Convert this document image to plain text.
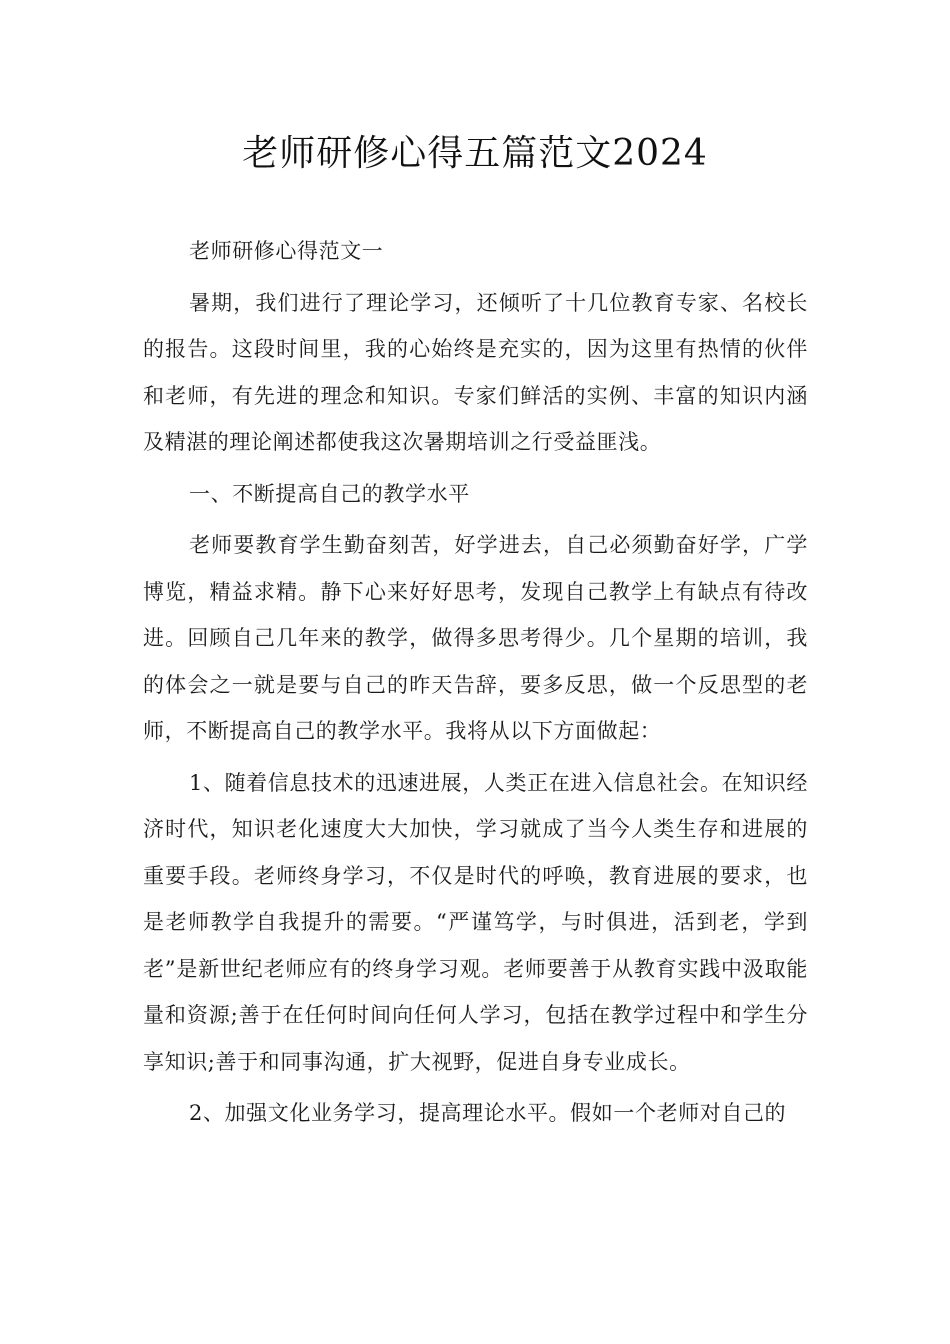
老师研修心得五篇范文2024

老师研修心得范文一

暑期，我们进行了理论学习，还倾听了十几位教育专家、名校长的报告。这段时间里，我的心始终是充实的，因为这里有热情的伙伴和老师，有先进的理念和知识。专家们鲜活的实例、丰富的知识内涵及精湛的理论阐述都使我这次暑期培训之行受益匪浅。

一、不断提高自己的教学水平

老师要教育学生勤奋刻苦，好学进去，自己必须勤奋好学，广学博览，精益求精。静下心来好好思考，发现自己教学上有缺点有待改进。回顾自己几年来的教学，做得多思考得少。几个星期的培训，我的体会之一就是要与自己的昨天告辞，要多反思，做一个反思型的老师，不断提高自己的教学水平。我将从以下方面做起：

1、随着信息技术的迅速进展，人类正在进入信息社会。在知识经济时代，知识老化速度大大加快，学习就成了当今人类生存和进展的重要手段。老师终身学习，不仅是时代的呼唤，教育进展的要求，也是老师教学自我提升的需要。“严谨笃学，与时俱进，活到老，学到老”是新世纪老师应有的终身学习观。老师要善于从教育实践中汲取能量和资源;善于在任何时间向任何人学习，包括在教学过程中和学生分享知识;善于和同事沟通，扩大视野，促进自身专业成长。

2、加强文化业务学习，提高理论水平。假如一个老师对自己的
